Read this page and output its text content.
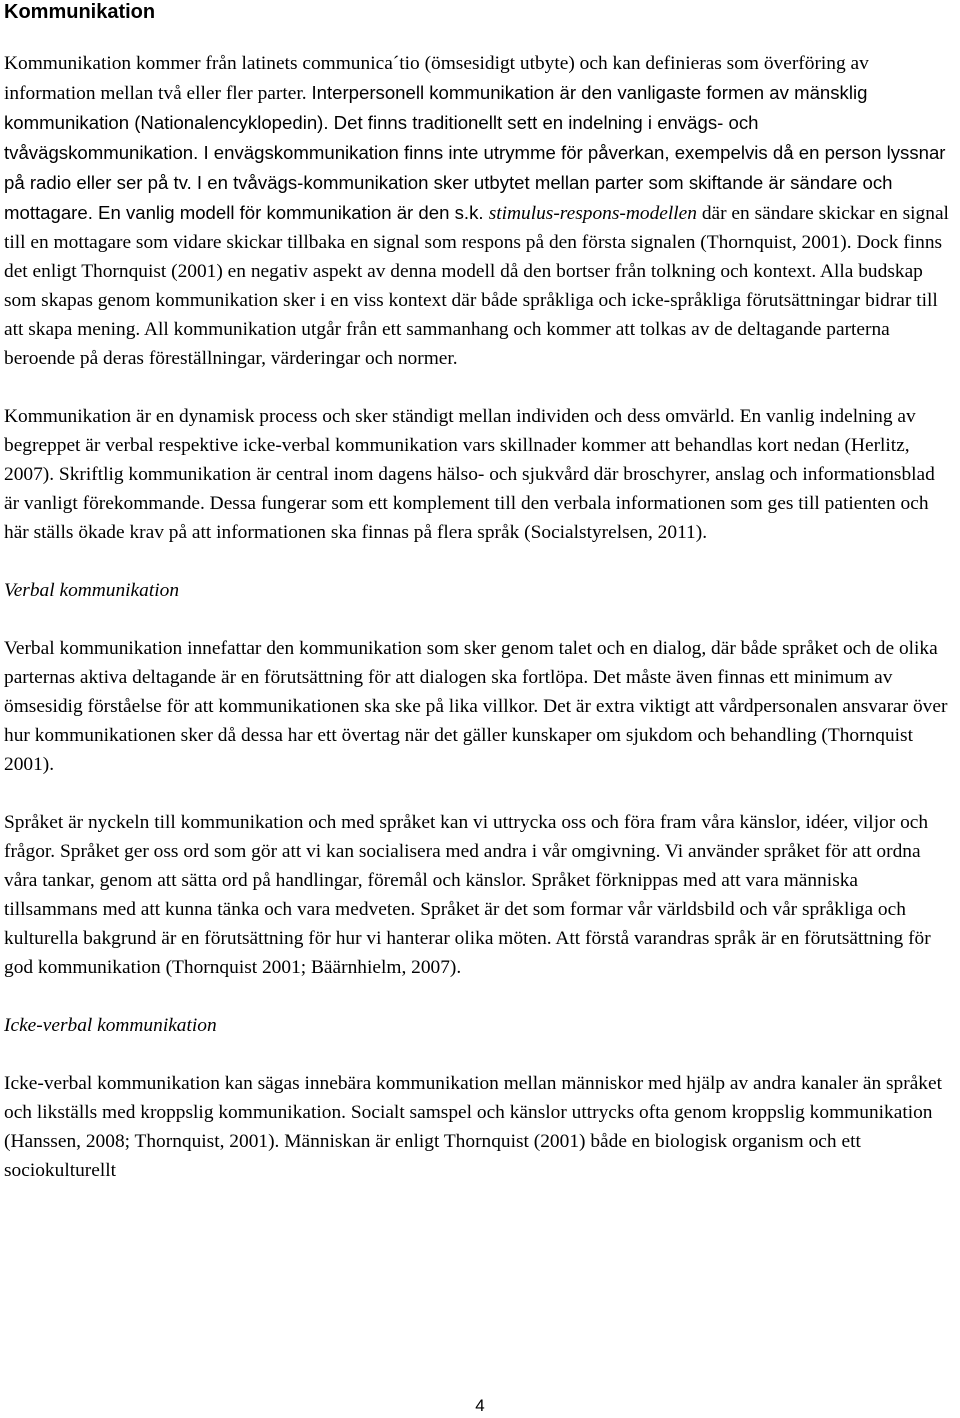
Kommunikation

Kommunikation kommer från latinets communica´tio (ömsesidigt utbyte) och kan definieras som överföring av information mellan två eller fler parter. Interpersonell kommunikation är den vanligaste formen av mänsklig kommunikation (Nationalencyklopedin). Det finns traditionellt sett en indelning i envägs- och tvåvägskommunikation. I envägskommunikation finns inte utrymme för påverkan, exempelvis då en person lyssnar på radio eller ser på tv. I en tvåvägs-kommunikation sker utbytet mellan parter som skiftande är sändare och mottagare. En vanlig modell för kommunikation är den s.k. stimulus-respons-modellen där en sändare skickar en signal till en mottagare som vidare skickar tillbaka en signal som respons på den första signalen (Thornquist, 2001). Dock finns det enligt Thornquist (2001) en negativ aspekt av denna modell då den bortser från tolkning och kontext. Alla budskap som skapas genom kommunikation sker i en viss kontext där både språkliga och icke-språkliga förutsättningar bidrar till att skapa mening. All kommunikation utgår från ett sammanhang och kommer att tolkas av de deltagande parterna beroende på deras föreställningar, värderingar och normer.

Kommunikation är en dynamisk process och sker ständigt mellan individen och dess omvärld. En vanlig indelning av begreppet är verbal respektive icke-verbal kommunikation vars skillnader kommer att behandlas kort nedan (Herlitz, 2007). Skriftlig kommunikation är central inom dagens hälso- och sjukvård där broschyrer, anslag och informationsblad är vanligt förekommande. Dessa fungerar som ett komplement till den verbala informationen som ges till patienten och här ställs ökade krav på att informationen ska finnas på flera språk (Socialstyrelsen, 2011).

Verbal kommunikation

Verbal kommunikation innefattar den kommunikation som sker genom talet och en dialog, där både språket och de olika parternas aktiva deltagande är en förutsättning för att dialogen ska fortlöpa. Det måste även finnas ett minimum av ömsesidig förståelse för att kommunikationen ska ske på lika villkor. Det är extra viktigt att vårdpersonalen ansvarar över hur kommunikationen sker då dessa har ett övertag när det gäller kunskaper om sjukdom och behandling (Thornquist 2001).

Språket är nyckeln till kommunikation och med språket kan vi uttrycka oss och föra fram våra känslor, idéer, viljor och frågor. Språket ger oss ord som gör att vi kan socialisera med andra i vår omgivning. Vi använder språket för att ordna våra tankar, genom att sätta ord på handlingar, föremål och känslor. Språket förknippas med att vara människa tillsammans med att kunna tänka och vara medveten. Språket är det som formar vår världsbild och vår språkliga och kulturella bakgrund är en förutsättning för hur vi hanterar olika möten. Att förstå varandras språk är en förutsättning för god kommunikation (Thornquist 2001; Bäärnhielm, 2007).

Icke-verbal kommunikation

Icke-verbal kommunikation kan sägas innebära kommunikation mellan människor med hjälp av andra kanaler än språket och likställs med kroppslig kommunikation. Socialt samspel och känslor uttrycks ofta genom kroppslig kommunikation (Hanssen, 2008; Thornquist, 2001). Människan är enligt Thornquist (2001) både en biologisk organism och ett sociokulturellt

4
